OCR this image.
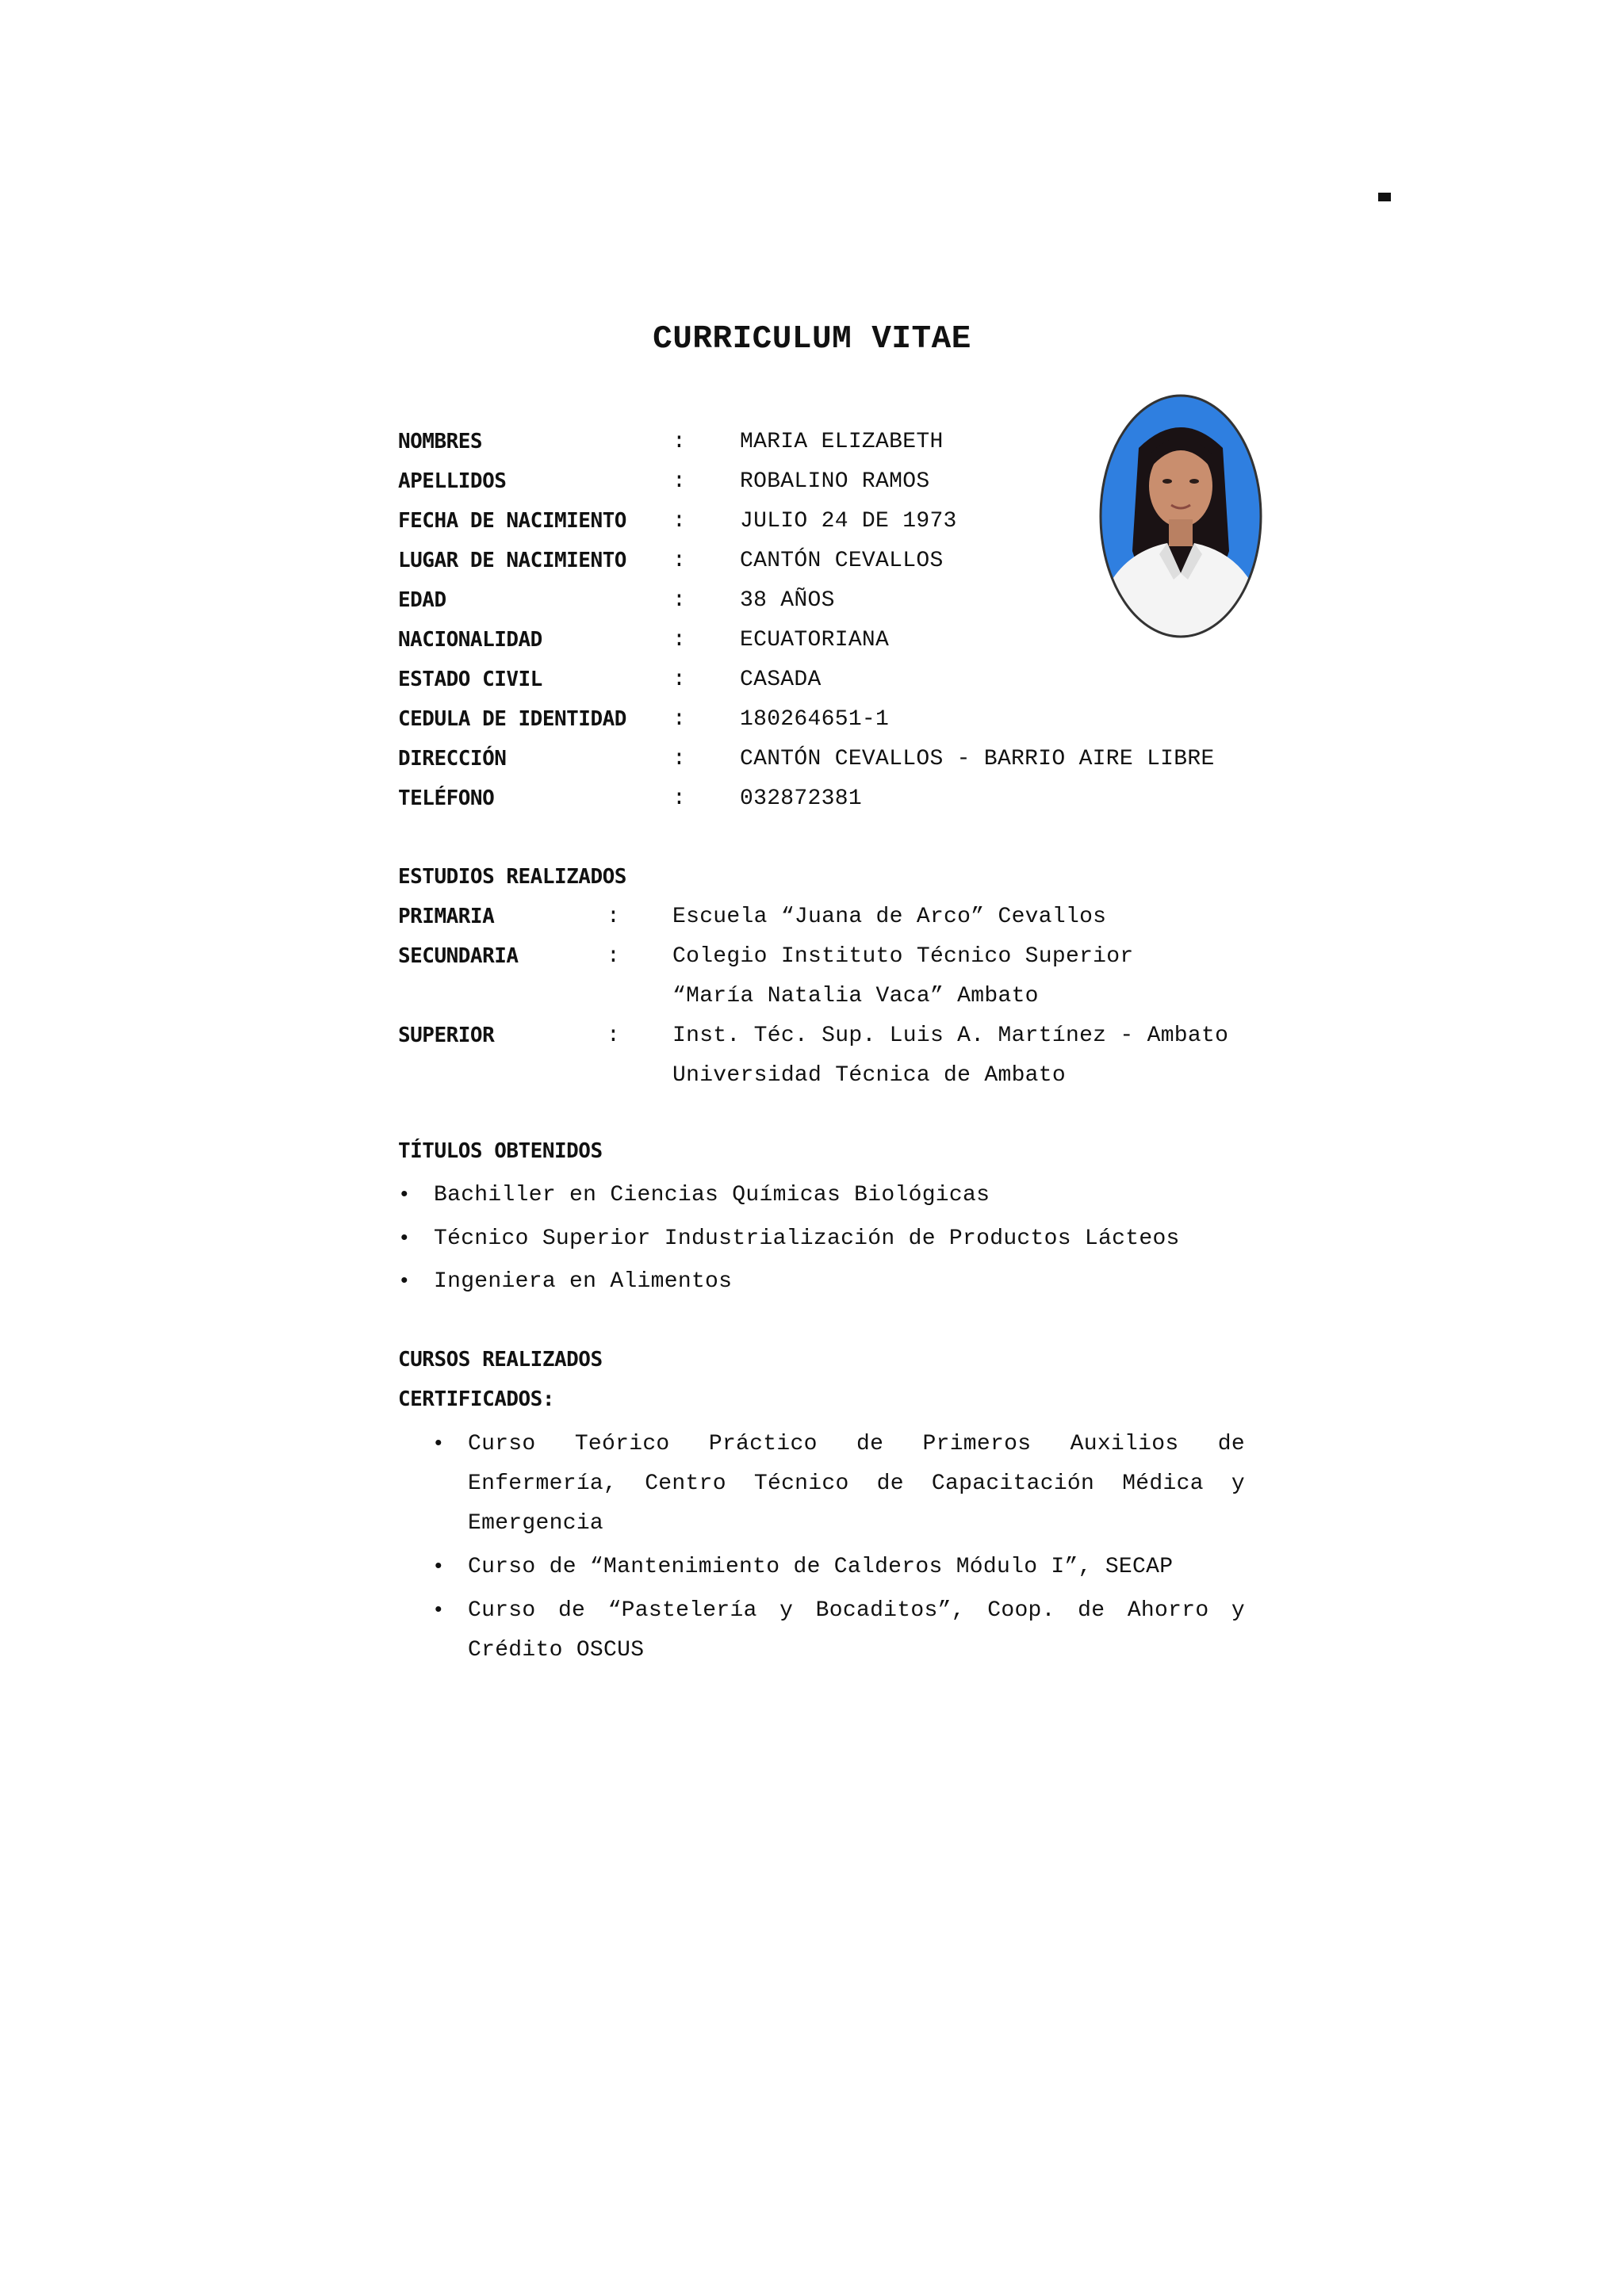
CURRICULUM VITAE
NOMBRES	: MARIA ELIZABETH
APELLIDOS	: ROBALINO RAMOS
FECHA DE NACIMIENTO : JULIO 24 DE 1973
LUGAR DE NACIMIENTO : CANTÓN CEVALLOS
EDAD	: 38 AÑOS
NACIONALIDAD	: ECUATORIANA
ESTADO CIVIL	: CASADA
CEDULA DE IDENTIDAD : 180264651-1
DIRECCIÓN	: CANTÓN CEVALLOS - BARRIO AIRE LIBRE
TELÉFONO	: 032872381
ESTUDIOS REALIZADOS
PRIMARIA	: Escuela “Juana de Arco” Cevallos
SECUNDARIA	: Colegio Instituto Técnico Superior
“María Natalia Vaca” Ambato
SUPERIOR	: Inst. Téc. Sup. Luis A. Martínez - Ambato
Universidad Técnica de Ambato
TÍTULOS OBTENIDOS
• Bachiller en Ciencias Químicas Biológicas
• Técnico Superior Industrialización de Productos Lácteos
• Ingeniera en Alimentos
CURSOS REALIZADOS
CERTIFICADOS:
• Curso Teórico Práctico de Primeros Auxilios de
Enfermería, Centro Técnico de Capacitación Médica y
Emergencia
• Curso de “Mantenimiento de Calderos Módulo I”, SECAP
• Curso de “Pastelería y Bocaditos”, Coop. de Ahorro y
Crédito OSCUS
